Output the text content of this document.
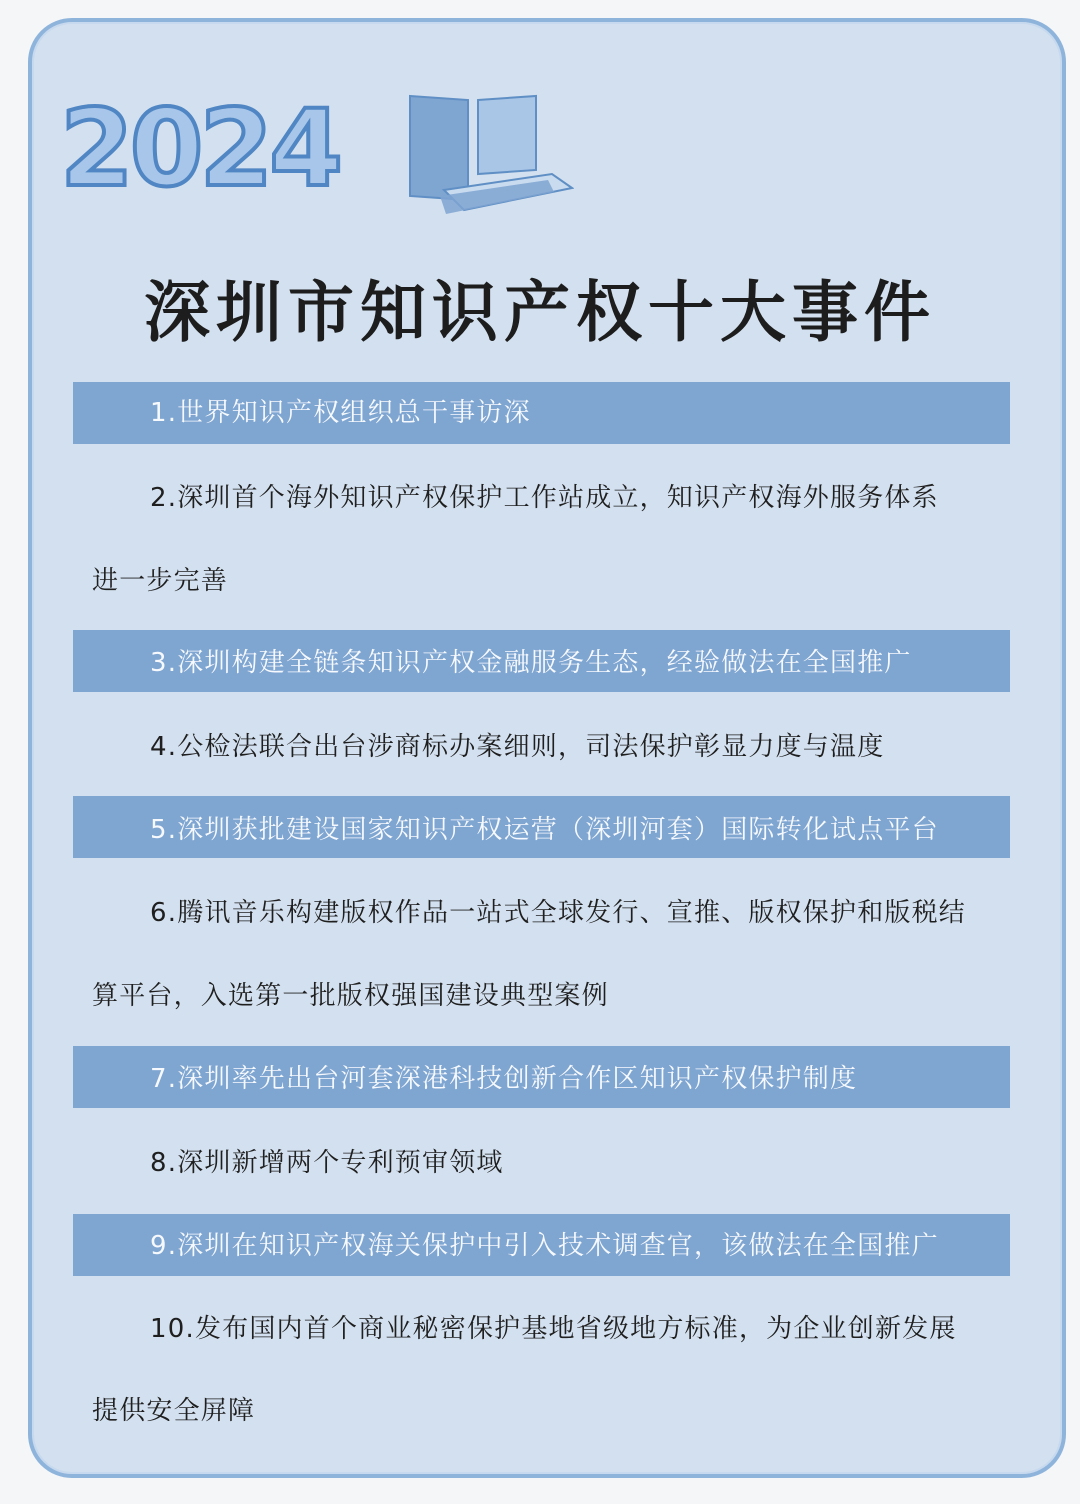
2024
深圳市知识产权十大事件

1.世界知识产权组织总干事访深

2.深圳首个海外知识产权保护工作站成立，知识产权海外服务体系

进一步完善

3.深圳构建全链条知识产权金融服务生态，经验做法在全国推广

4.公检法联合出台涉商标办案细则，司法保护彰显力度与温度

5.深圳获批建设国家知识产权运营（深圳河套）国际转化试点平台

6.腾讯音乐构建版权作品一站式全球发行、宣推、版权保护和版税结

算平台，入选第一批版权强国建设典型案例

7.深圳率先出台河套深港科技创新合作区知识产权保护制度

8.深圳新增两个专利预审领域

9.深圳在知识产权海关保护中引入技术调查官，该做法在全国推广

10.发布国内首个商业秘密保护基地省级地方标准，为企业创新发展

提供安全屏障
